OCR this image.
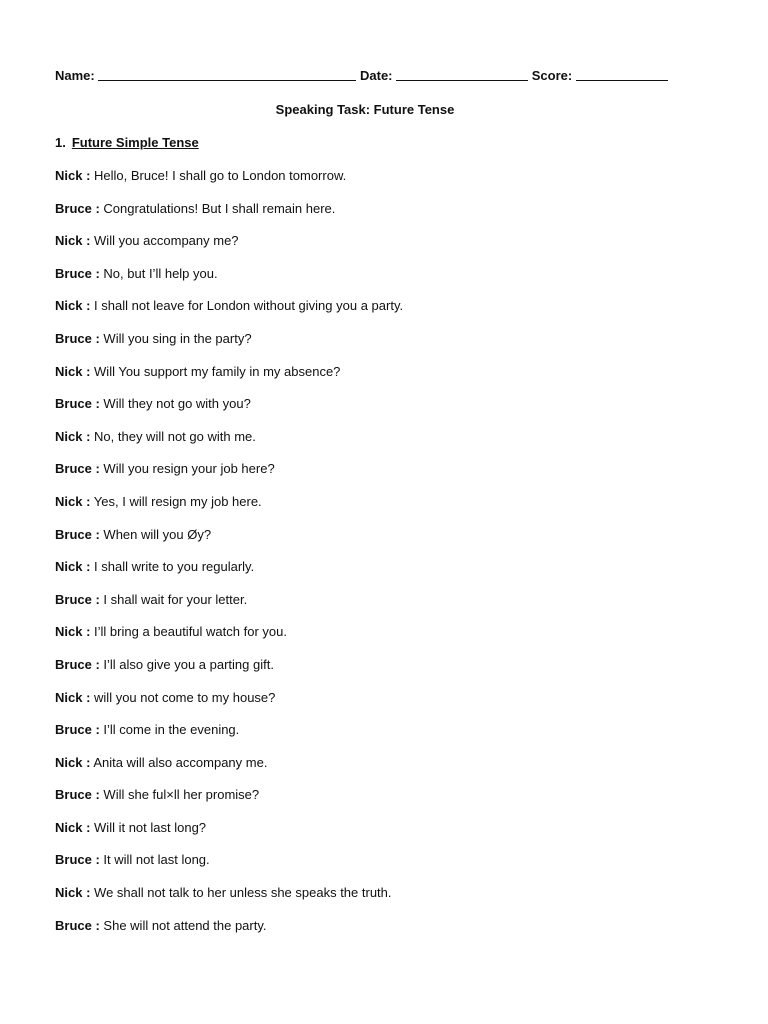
Name:	Date:	Score:
Speaking Task: Future Tense
1. Future Simple Tense
Nick : Hello, Bruce! I shall go to London tomorrow.
Bruce : Congratulations! But I shall remain here.
Nick : Will you accompany me?
Bruce : No, but I’ll help you.
Nick : I shall not leave for London without giving you a party.
Bruce : Will you sing in the party?
Nick : Will You support my family in my absence?
Bruce : Will they not go with you?
Nick : No, they will not go with me.
Bruce : Will you resign your job here?
Nick : Yes, I will resign my job here.
Bruce : When will you Øy?
Nick : I shall write to you regularly.
Bruce : I shall wait for your letter.
Nick : I’ll bring a beautiful watch for you.
Bruce : I’ll also give you a parting gift.
Nick : will you not come to my house?
Bruce : I’ll come in the evening.
Nick : Anita will also accompany me.
Bruce : Will she ful×ll her promise?
Nick : Will it not last long?
Bruce : It will not last long.
Nick : We shall not talk to her unless she speaks the truth.
Bruce : She will not attend the party.
